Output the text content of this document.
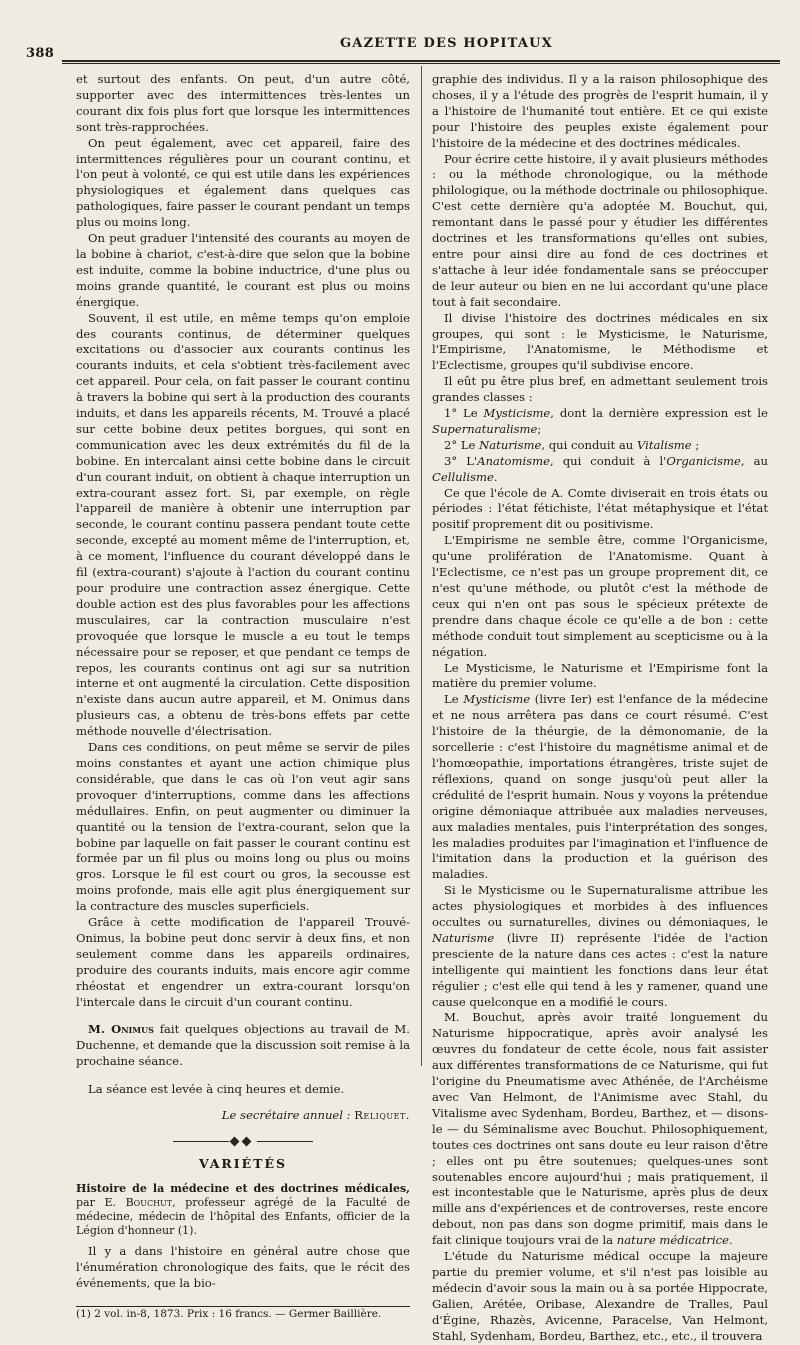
388
GAZETTE DES HOPITAUX

et surtout des enfants. On peut, d'un autre côté, supporter avec des intermittences très-lentes un courant dix fois plus fort que lorsque les intermittences sont très-rapprochées.

On peut également, avec cet appareil, faire des intermittences régulières pour un courant continu, et l'on peut à volonté, ce qui est utile dans les expériences physiologiques et également dans quelques cas pathologiques, faire passer le courant pendant un temps plus ou moins long.

On peut graduer l'intensité des courants au moyen de la bobine à chariot, c'est-à-dire que selon que la bobine est induite, comme la bobine inductrice, d'une plus ou moins grande quantité, le courant est plus ou moins énergique.

Souvent, il est utile, en même temps qu'on emploie des courants continus, de déterminer quelques excitations ou d'associer aux courants continus les courants induits, et cela s'obtient très-facilement avec cet appareil. Pour cela, on fait passer le courant continu à travers la bobine qui sert à la production des courants induits, et dans les appareils récents, M. Trouvé a placé sur cette bobine deux petites borgues, qui sont en communication avec les deux extrémités du fil de la bobine. En intercalant ainsi cette bobine dans le circuit d'un courant induit, on obtient à chaque interruption un extra-courant assez fort. Si, par exemple, on règle l'appareil de manière à obtenir une interruption par seconde, le courant continu passera pendant toute cette seconde, excepté au moment même de l'interruption, et, à ce moment, l'influence du courant développé dans le fil (extra-courant) s'ajoute à l'action du courant continu pour produire une contraction assez énergique. Cette double action est des plus favorables pour les affections musculaires, car la contraction musculaire n'est provoquée que lorsque le muscle a eu tout le temps nécessaire pour se reposer, et que pendant ce temps de repos, les courants continus ont agi sur sa nutrition interne et ont augmenté la circulation. Cette disposition n'existe dans aucun autre appareil, et M. Onimus dans plusieurs cas, a obtenu de très-bons effets par cette méthode nouvelle d'électrisation.

Dans ces conditions, on peut même se servir de piles moins constantes et ayant une action chimique plus considérable, que dans le cas où l'on veut agir sans provoquer d'interruptions, comme dans les affections médullaires. Enfin, on peut augmenter ou diminuer la quantité ou la tension de l'extra-courant, selon que la bobine par laquelle on fait passer le courant continu est formée par un fil plus ou moins long ou plus ou moins gros. Lorsque le fil est court ou gros, la secousse est moins profonde, mais elle agit plus énergiquement sur la contracture des muscles superficiels.

Grâce à cette modification de l'appareil Trouvé-Onimus, la bobine peut donc servir à deux fins, et non seulement comme dans les appareils ordinaires, produire des courants induits, mais encore agir comme rhéostat et engendrer un extra-courant lorsqu'on l'intercale dans le circuit d'un courant continu.

M. Onimus fait quelques objections au travail de M. Duchenne, et demande que la discussion soit remise à la prochaine séance.

La séance est levée à cinq heures et demie.

Le secrétaire annuel : Reliquet.
VARIÉTÉS

Histoire de la médecine et des doctrines médicales, par E. Bouchut, professeur agrégé de la Faculté de médecine, médecin de l'hôpital des Enfants, officier de la Légion d'honneur (1).

Il y a dans l'histoire en général autre chose que l'énumération chronologique des faits, que le récit des événements, que la bio-

(1) 2 vol. in-8, 1873. Prix : 16 francs. — Germer Baillière.

graphie des individus. Il y a la raison philosophique des choses, il y a l'étude des progrès de l'esprit humain, il y a l'histoire de l'humanité tout entière. Et ce qui existe pour l'histoire des peuples existe également pour l'histoire de la médecine et des doctrines médicales.

Pour écrire cette histoire, il y avait plusieurs méthodes : ou la méthode chronologique, ou la méthode philologique, ou la méthode doctrinale ou philosophique. C'est cette dernière qu'a adoptée M. Bouchut, qui, remontant dans le passé pour y étudier les différentes doctrines et les transformations qu'elles ont subies, entre pour ainsi dire au fond de ces doctrines et s'attache à leur idée fondamentale sans se préoccuper de leur auteur ou bien en ne lui accordant qu'une place tout à fait secondaire.

Il divise l'histoire des doctrines médicales en six groupes, qui sont : le Mysticisme, le Naturisme, l'Empirisme, l'Anatomisme, le Méthodisme et l'Eclectisme, groupes qu'il subdivise encore.

Il eût pu être plus bref, en admettant seulement trois grandes classes :

1° Le Mysticisme, dont la dernière expression est le Supernaturalisme;

2° Le Naturisme, qui conduit au Vitalisme ;

3° L'Anatomisme, qui conduit à l'Organicisme, au Cellulisme.

Ce que l'école de A. Comte diviserait en trois états ou périodes : l'état fétichiste, l'état métaphysique et l'état positif proprement dit ou positivisme.

L'Empirisme ne semble être, comme l'Organicisme, qu'une prolifération de l'Anatomisme. Quant à l'Eclectisme, ce n'est pas un groupe proprement dit, ce n'est qu'une méthode, ou plutôt c'est la méthode de ceux qui n'en ont pas sous le spécieux prétexte de prendre dans chaque école ce qu'elle a de bon : cette méthode conduit tout simplement au scepticisme ou à la négation.

Le Mysticisme, le Naturisme et l'Empirisme font la matière du premier volume.

Le Mysticisme (livre Ier) est l'enfance de la médecine et ne nous arrêtera pas dans ce court résumé. C'est l'histoire de la théurgie, de la démonomanie, de la sorcellerie : c'est l'histoire du magnétisme animal et de l'homœopathie, importations étrangères, triste sujet de réflexions, quand on songe jusqu'où peut aller la crédulité de l'esprit humain. Nous y voyons la prétendue origine démoniaque attribuée aux maladies nerveuses, aux maladies mentales, puis l'interprétation des songes, les maladies produites par l'imagination et l'influence de l'imitation dans la production et la guérison des maladies.

Si le Mysticisme ou le Supernaturalisme attribue les actes physiologiques et morbides à des influences occultes ou surnaturelles, divines ou démoniaques, le Naturisme (livre II) représente l'idée de l'action presciente de la nature dans ces actes : c'est la nature intelligente qui maintient les fonctions dans leur état régulier ; c'est elle qui tend à les y ramener, quand une cause quelconque en a modifié le cours.

M. Bouchut, après avoir traité longuement du Naturisme hippocratique, après avoir analysé les œuvres du fondateur de cette école, nous fait assister aux différentes transformations de ce Naturisme, qui fut l'origine du Pneumatisme avec Athénée, de l'Archéisme avec Van Helmont, de l'Animisme avec Stahl, du Vitalisme avec Sydenham, Bordeu, Barthez, et — disons-le — du Séminalisme avec Bouchut. Philosophiquement, toutes ces doctrines ont sans doute eu leur raison d'être ; elles ont pu être soutenues; quelques-unes sont soutenables encore aujourd'hui ; mais pratiquement, il est incontestable que le Naturisme, après plus de deux mille ans d'expériences et de controverses, reste encore debout, non pas dans son dogme primitif, mais dans le fait clinique toujours vrai de la nature médicatrice.

L'étude du Naturisme médical occupe la majeure partie du premier volume, et s'il n'est pas loisible au médecin d'avoir sous la main ou à sa portée Hippocrate, Galien, Arétée, Oribase, Alexandre de Tralles, Paul d'Égine, Rhazès, Avicenne, Paracelse, Van Helmont, Stahl, Sydenham, Bordeu, Barthez, etc., etc., il trouvera
